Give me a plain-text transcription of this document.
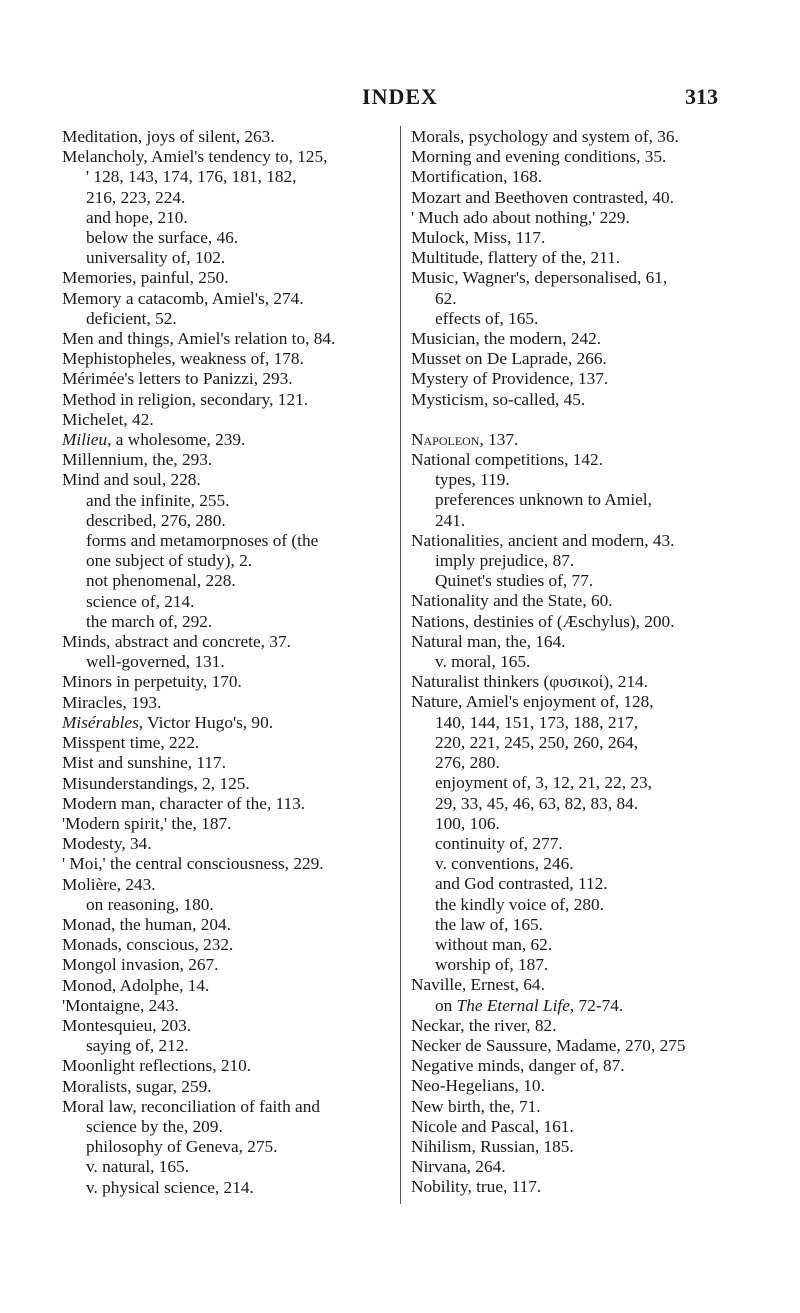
INDEX	313
Meditation, joys of silent, 263.
Melancholy, Amiel's tendency to, 125,
' 128, 143, 174, 176, 181, 182,
216, 223, 224.
and hope, 210.
below the surface, 46.
universality of, 102.
Memories, painful, 250.
Memory a catacomb, Amiel's, 274.
deficient, 52.
Men and things, Amiel's relation to, 84.
Mephistopheles, weakness of, 178.
Mérimée's letters to Panizzi, 293.
Method in religion, secondary, 121.
Michelet, 42.
Milieu, a wholesome, 239.
Millennium, the, 293.
Mind and soul, 228.
and the infinite, 255.
described, 276, 280.
forms and metamorpnoses of (the
one subject of study), 2.
not phenomenal, 228.
science of, 214.
the march of, 292.
Minds, abstract and concrete, 37.
well-governed, 131.
Minors in perpetuity, 170.
Miracles, 193.
Misérables, Victor Hugo's, 90.
Misspent time, 222.
Mist and sunshine, 117.
Misunderstandings, 2, 125.
Modern man, character of the, 113.
'Modern spirit,' the, 187.
Modesty, 34.
' Moi,' the central consciousness, 229.
Molière, 243.
on reasoning, 180.
Monad, the human, 204.
Monads, conscious, 232.
Mongol invasion, 267.
Monod, Adolphe, 14.
'Montaigne, 243.
Montesquieu, 203.
saying of, 212.
Moonlight reflections, 210.
Moralists, sugar, 259.
Moral law, reconciliation of faith and
science by the, 209.
philosophy of Geneva, 275.
v. natural, 165.
v. physical science, 214.
Morals, psychology and system of, 36.
Morning and evening conditions, 35.
Mortification, 168.
Mozart and Beethoven contrasted, 40.
' Much ado about nothing,' 229.
Mulock, Miss, 117.
Multitude, flattery of the, 211.
Music, Wagner's, depersonalised, 61,
62.
effects of, 165.
Musician, the modern, 242.
Musset on De Laprade, 266.
Mystery of Providence, 137.
Mysticism, so-called, 45.
Napoleon, 137.
National competitions, 142.
types, 119.
preferences unknown to Amiel,
241.
Nationalities, ancient and modern, 43.
imply prejudice, 87.
Quinet's studies of, 77.
Nationality and the State, 60.
Nations, destinies of (Æschylus), 200.
Natural man, the, 164.
v. moral, 165.
Naturalist thinkers (φυσικοί), 214.
Nature, Amiel's enjoyment of, 128,
140, 144, 151, 173, 188, 217,
220, 221, 245, 250, 260, 264,
276, 280.
enjoyment of, 3, 12, 21, 22, 23,
29, 33, 45, 46, 63, 82, 83, 84.
100, 106.
continuity of, 277.
v. conventions, 246.
and God contrasted, 112.
the kindly voice of, 280.
the law of, 165.
without man, 62.
worship of, 187.
Naville, Ernest, 64.
on The Eternal Life, 72-74.
Neckar, the river, 82.
Necker de Saussure, Madame, 270, 275
Negative minds, danger of, 87.
Neo-Hegelians, 10.
New birth, the, 71.
Nicole and Pascal, 161.
Nihilism, Russian, 185.
Nirvana, 264.
Nobility, true, 117.
